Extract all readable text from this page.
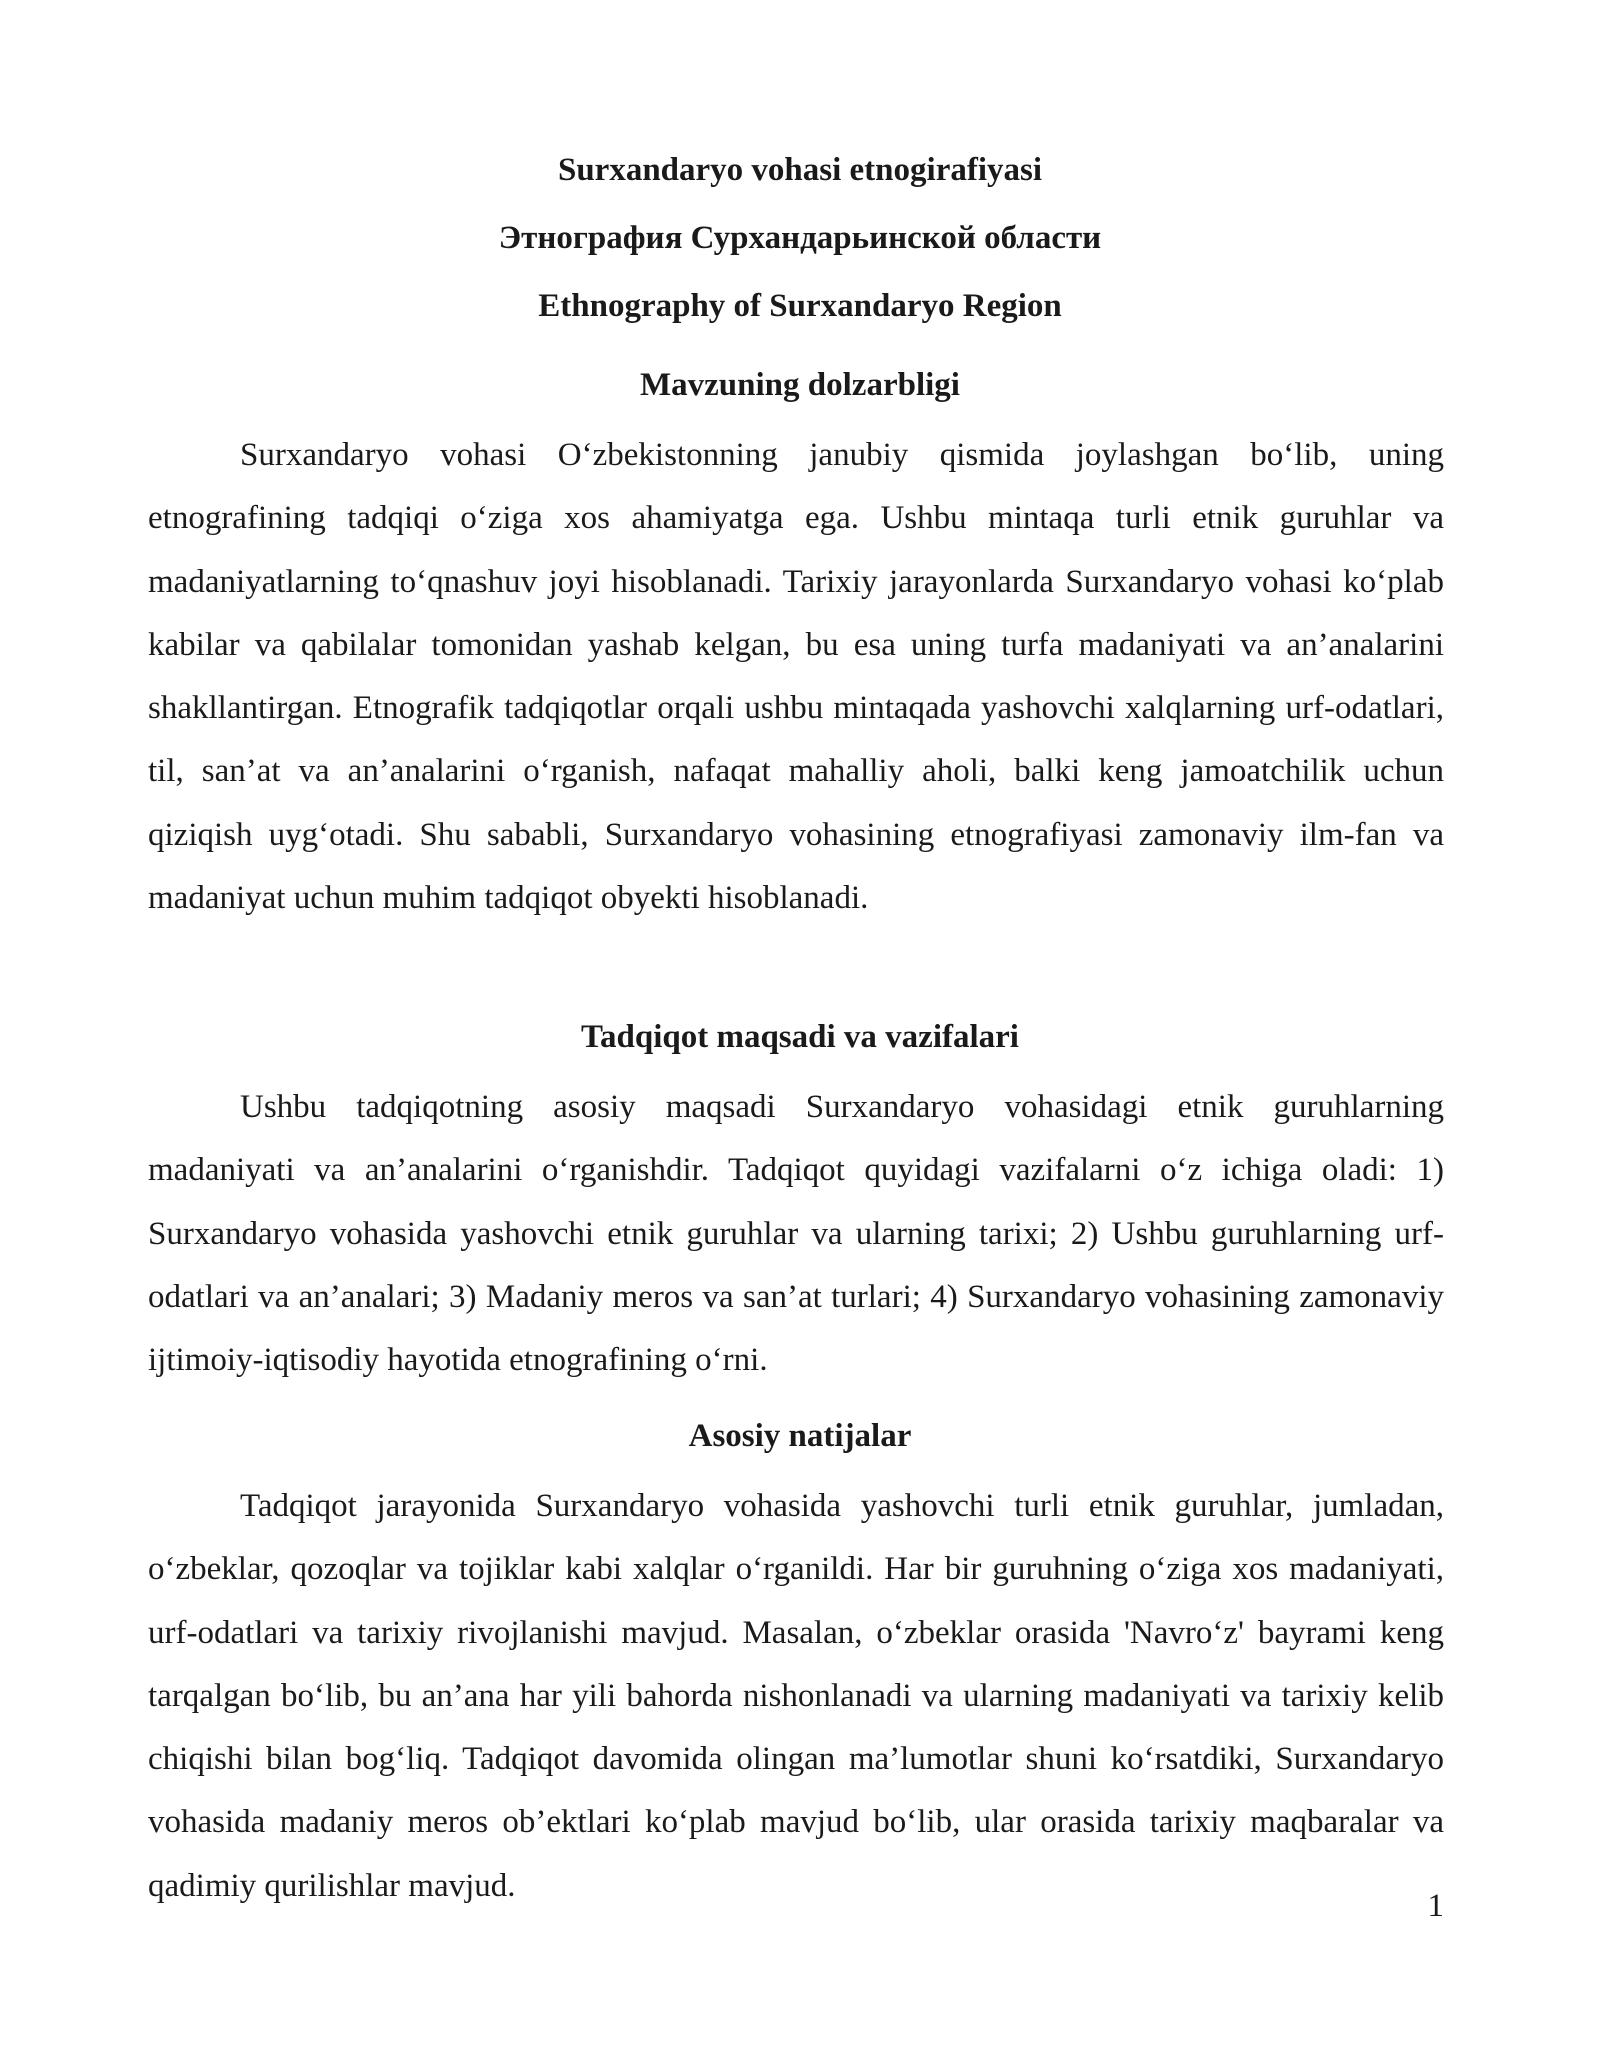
Surxandaryo vohasi etnogirafiyasi
Этнография Сурхандарьинской области
Ethnography of Surxandaryo Region
Mavzuning dolzarbligi

Surxandaryo vohasi O‘zbekistonning janubiy qismida joylashgan bo‘lib, uning etnografining tadqiqi o‘ziga xos ahamiyatga ega. Ushbu mintaqa turli etnik guruhlar va madaniyatlarning to‘qnashuv joyi hisoblanadi. Tarixiy jarayonlarda Surxandaryo vohasi ko‘plab kabilar va qabilalar tomonidan yashab kelgan, bu esa uning turfa madaniyati va an’analarini shakllantirgan. Etnografik tadqiqotlar orqali ushbu mintaqada yashovchi xalqlarning urf-odatlari, til, san’at va an’analarini o‘rganish, nafaqat mahalliy aholi, balki keng jamoatchilik uchun qiziqish uyg‘otadi. Shu sababli, Surxandaryo vohasining etnografiyasi zamonaviy ilm-fan va madaniyat uchun muhim tadqiqot obyekti hisoblanadi.

Tadqiqot maqsadi va vazifalari

Ushbu tadqiqotning asosiy maqsadi Surxandaryo vohasidagi etnik guruhlarning madaniyati va an’analarini o‘rganishdir. Tadqiqot quyidagi vazifalarni o‘z ichiga oladi: 1) Surxandaryo vohasida yashovchi etnik guruhlar va ularning tarixi; 2) Ushbu guruhlarning urf-odatlari va an’analari; 3) Madaniy meros va san’at turlari; 4) Surxandaryo vohasining zamonaviy ijtimoiy-iqtisodiy hayotida etnografining o‘rni.

Asosiy natijalar

Tadqiqot jarayonida Surxandaryo vohasida yashovchi turli etnik guruhlar, jumladan, o‘zbeklar, qozoqlar va tojiklar kabi xalqlar o‘rganildi. Har bir guruhning o‘ziga xos madaniyati, urf-odatlari va tarixiy rivojlanishi mavjud. Masalan, o‘zbeklar orasida 'Navro‘z' bayrami keng tarqalgan bo‘lib, bu an’ana har yili bahorda nishonlanadi va ularning madaniyati va tarixiy kelib chiqishi bilan bog‘liq. Tadqiqot davomida olingan ma’lumotlar shuni ko‘rsatdiki, Surxandaryo vohasida madaniy meros ob’ektlari ko‘plab mavjud bo‘lib, ular orasida tarixiy maqbaralar va qadimiy qurilishlar mavjud.

1
